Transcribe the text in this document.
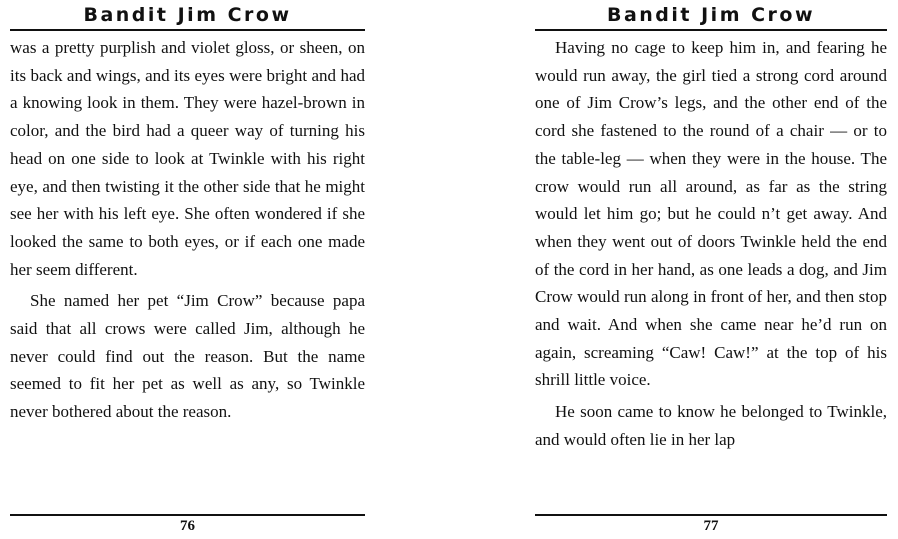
Bandit Jim Crow

was a pretty purplish and violet gloss, or sheen, on its back and wings, and its eyes were bright and had a knowing look in them. They were hazel-brown in color, and the bird had a queer way of turning his head on one side to look at Twinkle with his right eye, and then twisting it the other side that he might see her with his left eye. She often wondered if she looked the same to both eyes, or if each one made her seem different.

She named her pet “Jim Crow” because papa said that all crows were called Jim, although he never could find out the reason. But the name seemed to fit her pet as well as any, so Twinkle never bothered about the reason.

76
Bandit Jim Crow

Having no cage to keep him in, and fearing he would run away, the girl tied a strong cord around one of Jim Crow’s legs, and the other end of the cord she fastened to the round of a chair — or to the table-leg — when they were in the house. The crow would run all around, as far as the string would let him go; but he could n’t get away. And when they went out of doors Twinkle held the end of the cord in her hand, as one leads a dog, and Jim Crow would run along in front of her, and then stop and wait. And when she came near he’d run on again, screaming “Caw! Caw!” at the top of his shrill little voice.

He soon came to know he belonged to Twinkle, and would often lie in her lap

77
